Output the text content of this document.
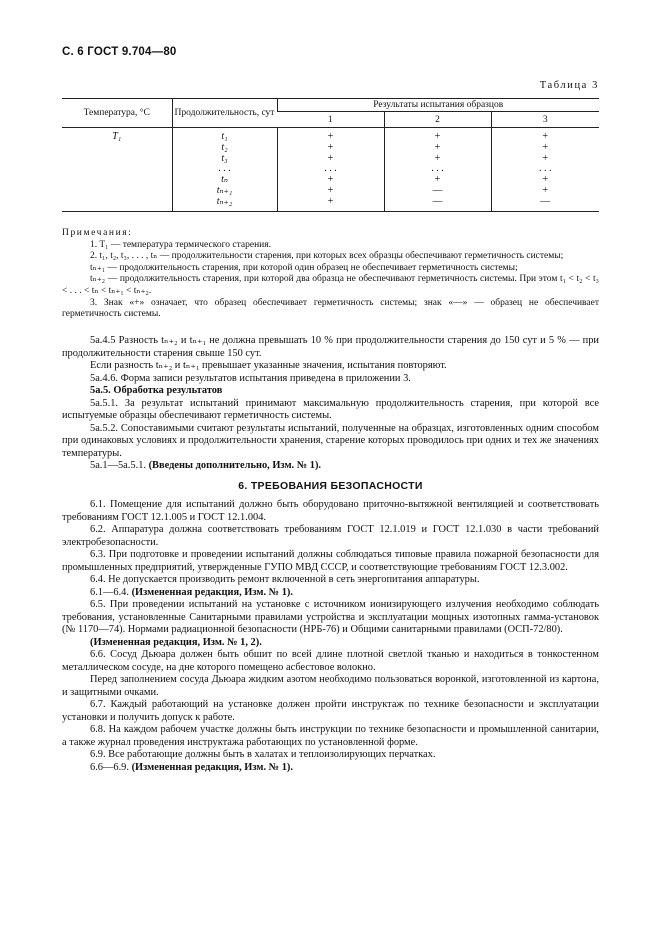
С. 6 ГОСТ 9.704—80
Таблица 3
Температура, °С	Продолжительность, сут	Результаты испытания образцов		
		1	2	3
T₁	t₁	+	+	+
	t₂	+	+	+
	t₃	+	+	+
	. . .	. . .	. . .	. . .
	tₙ	+	+	+
	tₙ₊₁	+	—	+
	tₙ₊₂	+	—	—

Примечания:

1. T₁ — температура термического старения.

2. t₁, t₂, t₃, . . . , tₙ — продолжительности старения, при которых всех образцы обеспечивают герметичность системы;

tₙ₊₁ — продолжительность старения, при которой один образец не обеспечивает герметичность системы;

tₙ₊₂ — продолжительность старения, при которой два образца не обеспечивают герметичность системы. При этом t₁ < t₂ < t₃ < . . . < tₙ < tₙ₊₁ < tₙ₊₂.

3. Знак «+» означает, что образец обеспечивает герметичность системы; знак «—» — образец не обеспечивает герметичность системы.

5а.4.5 Разность tₙ₊₂ и tₙ₊₁ не должна превышать 10 % при продолжительности старения до 150 сут и 5 % — при продолжительности старения свыше 150 сут.

Если разность tₙ₊₂ и tₙ₊₁ превышает указанные значения, испытания повторяют.

5а.4.6. Форма записи результатов испытания приведена в приложении 3.

5а.5. Обработка результатов

5а.5.1. За результат испытаний принимают максимальную продолжительность старения, при которой все испытуемые образцы обеспечивают герметичность системы.

5а.5.2. Сопоставимыми считают результаты испытаний, полученные на образцах, изготовленных одним способом при одинаковых условиях и продолжительности хранения, старение которых проводилось при одних и тех же значениях температуры.

5а.1—5а.5.1. (Введены дополнительно, Изм. № 1).

6. ТРЕБОВАНИЯ БЕЗОПАСНОСТИ

6.1. Помещение для испытаний должно быть оборудовано приточно-вытяжной вентиляцией и соответствовать требованиям ГОСТ 12.1.005 и ГОСТ 12.1.004.

6.2. Аппаратура должна соответствовать требованиям ГОСТ 12.1.019 и ГОСТ 12.1.030 в части требований электробезопасности.

6.3. При подготовке и проведении испытаний должны соблюдаться типовые правила пожарной безопасности для промышленных предприятий, утвержденные ГУПО МВД СССР, и соответствующие требованиям ГОСТ 12.3.002.

6.4. Не допускается производить ремонт включенной в сеть энергопитания аппаратуры.

6.1—6.4. (Измененная редакция, Изм. № 1).

6.5. При проведении испытаний на установке с источником ионизирующего излучения необходимо соблюдать требования, установленные Санитарными правилами устройства и эксплуатации мощных изотопных гамма-установок (№ 1170—74). Нормами радиационной безопасности (НРБ-76) и Общими санитарными правилами (ОСП-72/80).

(Измененная редакция, Изм. № 1, 2).

6.6. Сосуд Дьюара должен быть обшит по всей длине плотной светлой тканью и находиться в тонкостенном металлическом сосуде, на дне которого помещено асбестовое волокно.

Перед заполнением сосуда Дьюара жидким азотом необходимо пользоваться воронкой, изготовленной из картона, и защитными очками.

6.7. Каждый работающий на установке должен пройти инструктаж по технике безопасности и эксплуатации установки и получить допуск к работе.

6.8. На каждом рабочем участке должны быть инструкции по технике безопасности и промышленной санитарии, а также журнал проведения инструктажа работающих по установленной форме.

6.9. Все работающие должны быть в халатах и теплоизолирующих перчатках.

6.6—6.9. (Измененная редакция, Изм. № 1).
